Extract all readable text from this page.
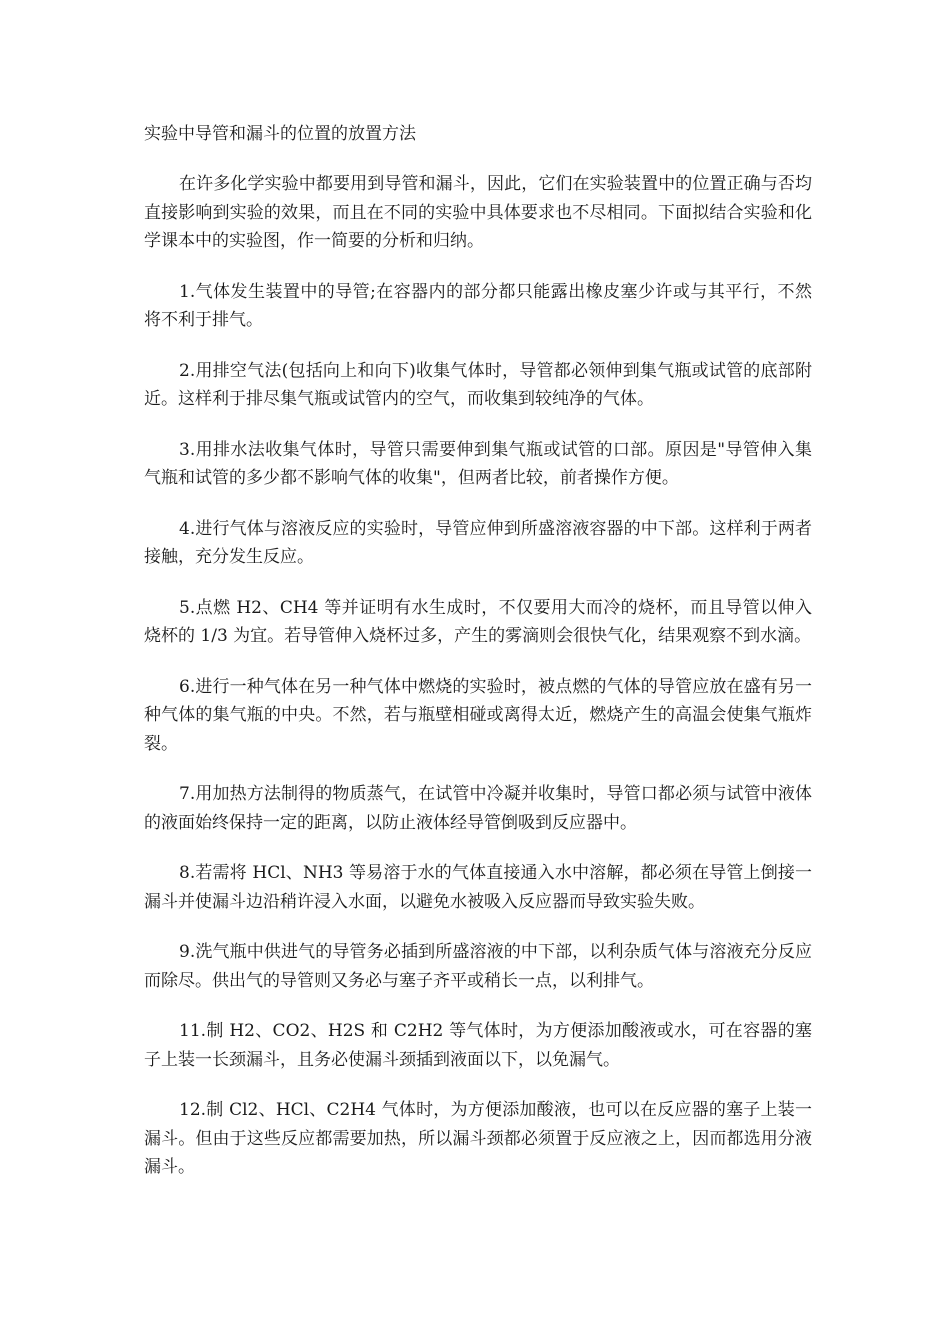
实验中导管和漏斗的位置的放置方法

在许多化学实验中都要用到导管和漏斗，因此，它们在实验装置中的位置正确与否均直接影响到实验的效果，而且在不同的实验中具体要求也不尽相同。下面拟结合实验和化学课本中的实验图，作一简要的分析和归纳。

1.气体发生装置中的导管;在容器内的部分都只能露出橡皮塞少许或与其平行，不然将不利于排气。

2.用排空气法(包括向上和向下)收集气体时，导管都必领伸到集气瓶或试管的底部附近。这样利于排尽集气瓶或试管内的空气，而收集到较纯净的气体。

3.用排水法收集气体时，导管只需要伸到集气瓶或试管的口部。原因是"导管伸入集气瓶和试管的多少都不影响气体的收集"，但两者比较，前者操作方便。

4.进行气体与溶液反应的实验时，导管应伸到所盛溶液容器的中下部。这样利于两者接触，充分发生反应。

5.点燃 H2、CH4 等并证明有水生成时，不仅要用大而冷的烧杯，而且导管以伸入烧杯的 1/3 为宜。若导管伸入烧杯过多，产生的雾滴则会很快气化，结果观察不到水滴。

6.进行一种气体在另一种气体中燃烧的实验时，被点燃的气体的导管应放在盛有另一种气体的集气瓶的中央。不然，若与瓶壁相碰或离得太近，燃烧产生的高温会使集气瓶炸裂。

7.用加热方法制得的物质蒸气，在试管中冷凝并收集时，导管口都必须与试管中液体的液面始终保持一定的距离，以防止液体经导管倒吸到反应器中。

8.若需将 HCl、NH3 等易溶于水的气体直接通入水中溶解，都必须在导管上倒接一漏斗并使漏斗边沿稍许浸入水面，以避免水被吸入反应器而导致实验失败。

9.洗气瓶中供进气的导管务必插到所盛溶液的中下部，以利杂质气体与溶液充分反应而除尽。供出气的导管则又务必与塞子齐平或稍长一点，以利排气。

11.制 H2、CO2、H2S 和 C2H2 等气体时，为方便添加酸液或水，可在容器的塞子上装一长颈漏斗，且务必使漏斗颈插到液面以下，以免漏气。

12.制 Cl2、HCl、C2H4 气体时，为方便添加酸液，也可以在反应器的塞子上装一漏斗。但由于这些反应都需要加热，所以漏斗颈都必须置于反应液之上，因而都选用分液漏斗。
